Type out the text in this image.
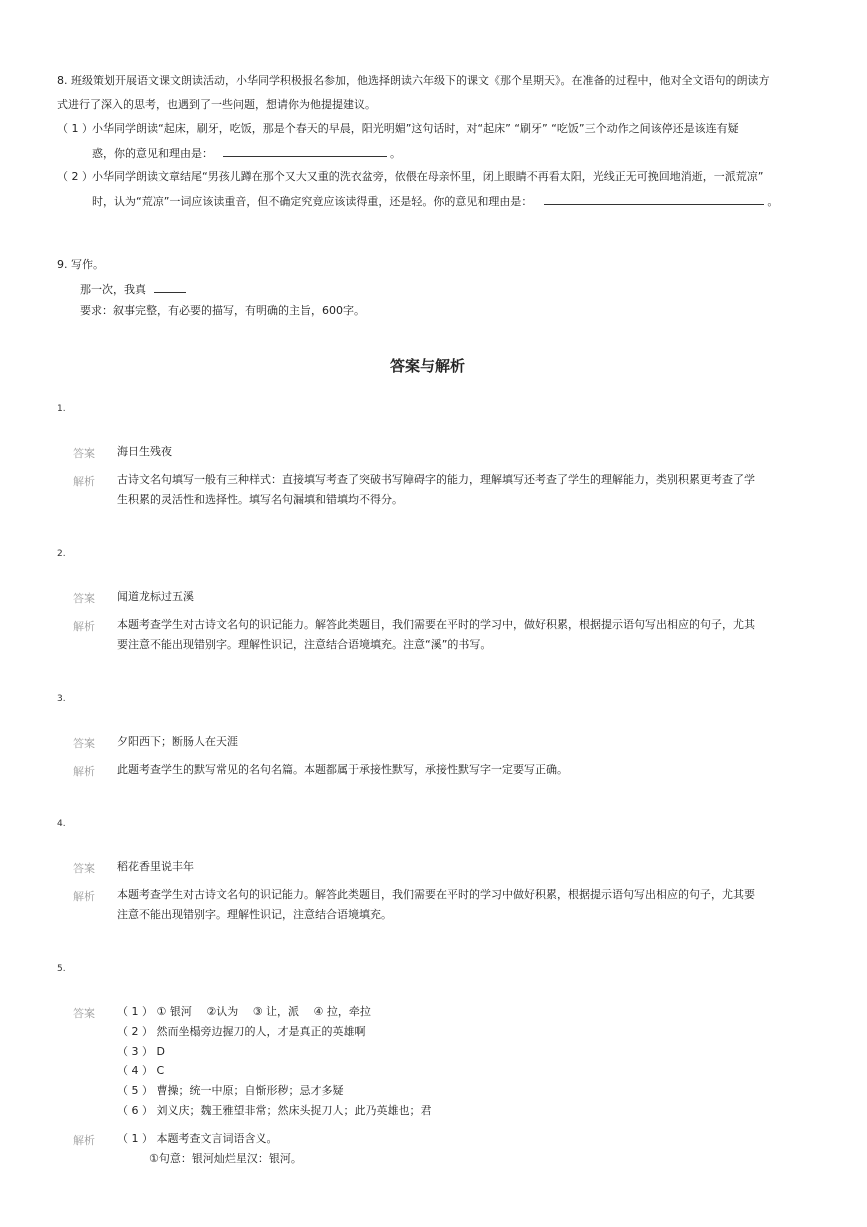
8. 班级策划开展语文课文朗读活动，小华同学积极报名参加，他选择朗读六年级下的课文《那个星期天》。在准备的过程中，他对全文语句的朗读方
式进行了深入的思考，也遇到了一些问题，想请你为他提提建议。
（ 1 ） 小华同学朗读“起床，刷牙，吃饭，那是个春天的早晨，阳光明媚”这句话时，对“起床” “刷牙” “吃饭”三个动作之间该停还是该连有疑
惑，你的意见和理由是：	。
（ 2 ） 小华同学朗读文章结尾“男孩儿蹲在那个又大又重的洗衣盆旁，依偎在母亲怀里，闭上眼睛不再看太阳，光线正无可挽回地消逝，一派荒凉”
时，认为“荒凉”一词应该读重音，但不确定究竟应该读得重，还是轻。你的意见和理由是：	。
9. 写作。
那一次，我真
要求：叙事完整，有必要的描写，有明确的主旨，600字。
答案与解析
1.
答案 海日生残夜
解析 古诗文名句填写一般有三种样式：直接填写考查了突破书写障碍字的能力，理解填写还考查了学生的理解能力，类别积累更考查了学
生积累的灵活性和选择性。填写名句漏填和错填均不得分。
2.
答案 闻道龙标过五溪
解析 本题考查学生对古诗文名句的识记能力。解答此类题目，我们需要在平时的学习中，做好积累，根据提示语句写出相应的句子，尤其
要注意不能出现错别字。理解性识记，注意结合语境填充。注意“溪”的书写。
3.
答案 夕阳西下；断肠人在天涯
解析 此题考查学生的默写常见的名句名篇。本题都属于承接性默写，承接性默写字一定要写正确。
4.
答案 稻花香里说丰年
解析 本题考查学生对古诗文名句的识记能力。解答此类题目，我们需要在平时的学习中做好积累，根据提示语句写出相应的句子，尤其要
注意不能出现错别字。理解性识记，注意结合语境填充。
5.
答案 （ 1 ） ① 银河　 ②认为　 ③ 让，派　 ④ 拉，牵拉
（ 2 ） 然而坐榻旁边握刀的人，才是真正的英雄啊
（ 3 ） D
（ 4 ） C
（ 5 ） 曹操；统一中原；自惭形秽；忌才多疑
（ 6 ） 刘义庆；魏王雅望非常；然床头捉刀人；此乃英雄也；君
解析 （ 1 ） 本题考查文言词语含义。
①句意：银河灿烂星汉：银河。
